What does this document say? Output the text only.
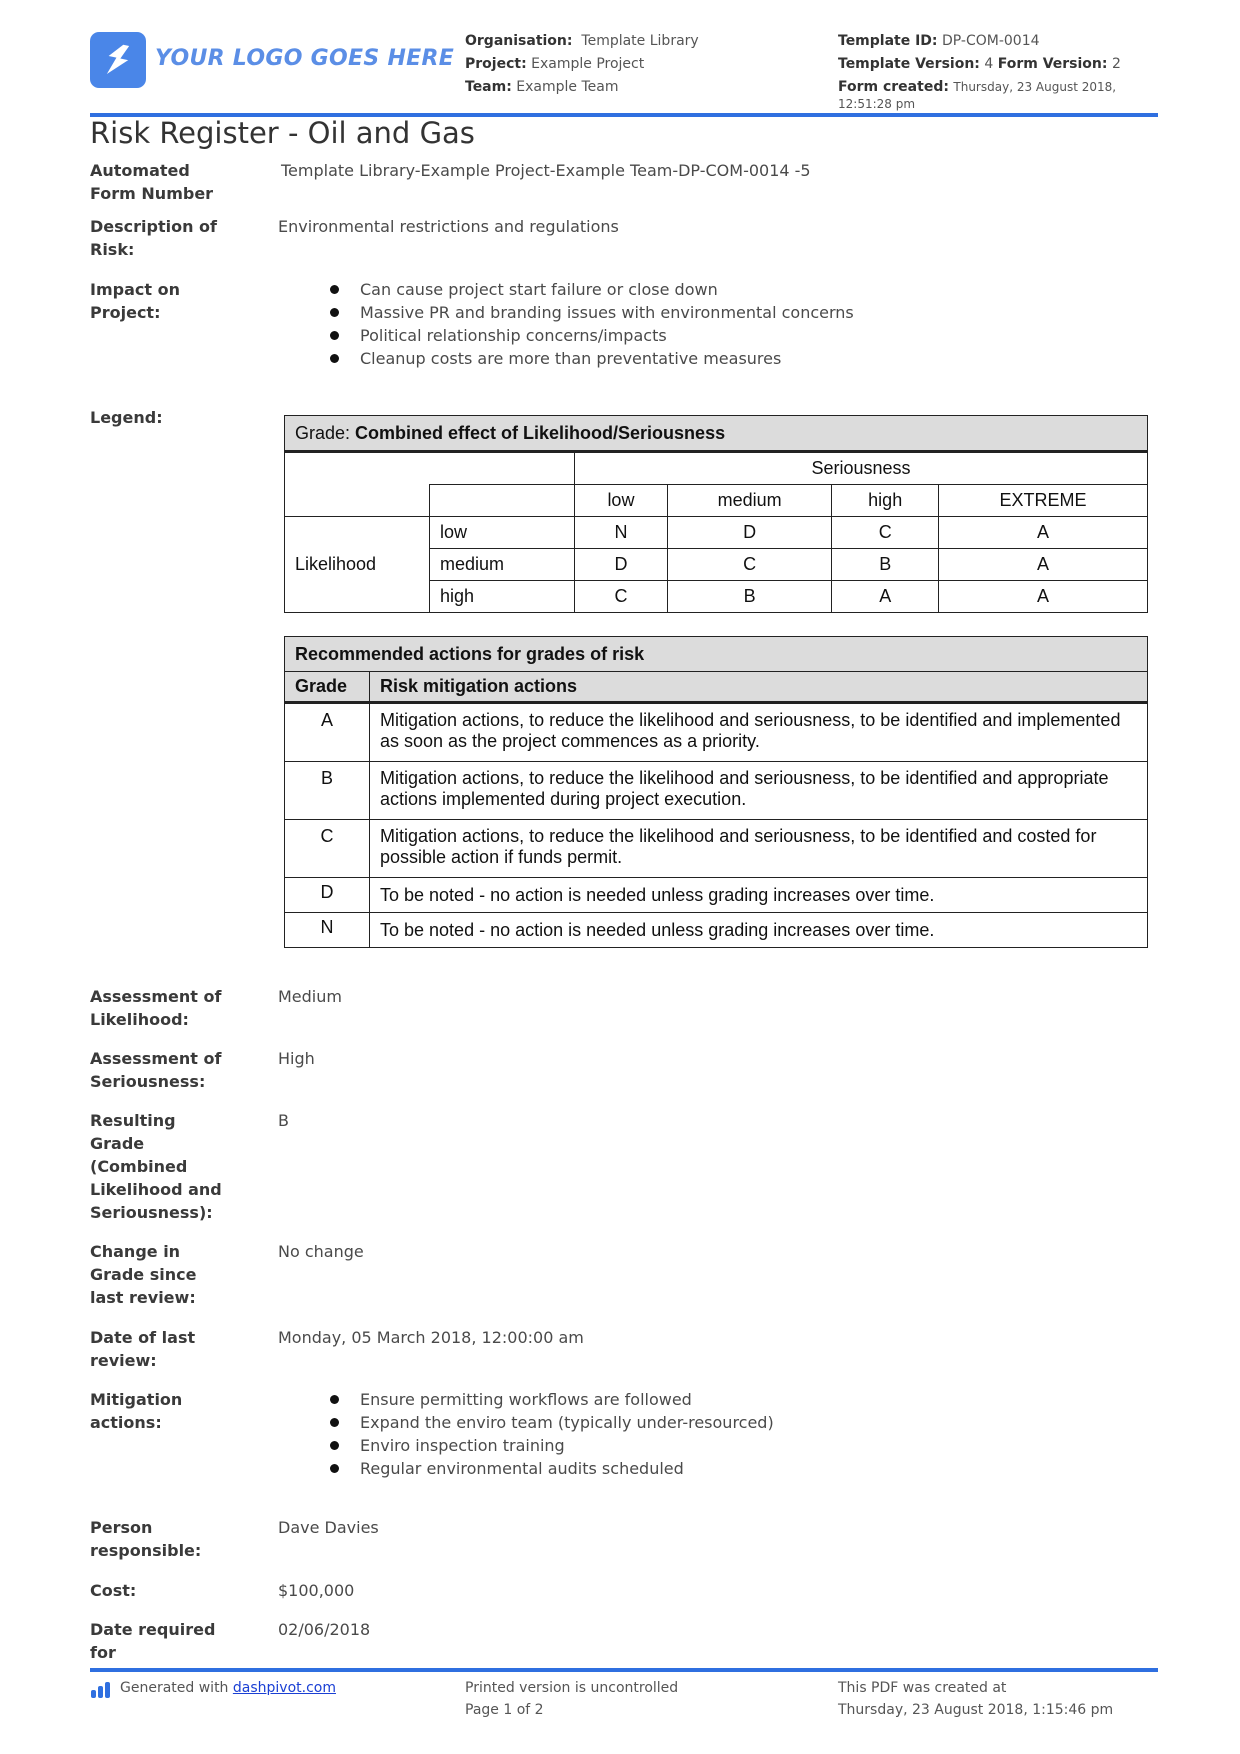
YOUR LOGO GOES HERE
Organisation: Template Library
Project: Example Project
Team: Example Team
Template ID: DP-COM-0014
Template Version: 4 Form Version: 2
Form created: Thursday, 23 August 2018, 12:51:28 pm
Risk Register - Oil and Gas
Automated Form Number
Template Library-Example Project-Example Team-DP-COM-0014 -5
Description of Risk:
Environmental restrictions and regulations
Impact on Project:
Can cause project start failure or close down
Massive PR and branding issues with environmental concerns
Political relationship concerns/impacts
Cleanup costs are more than preventative measures
Legend:
Grade: Combined effect of Likelihood/Seriousness					
		Seriousness			
		low	medium	high	EXTREME
Likelihood	low	N	D	C	A
	medium	D	C	B	A
	high	C	B	A	A
Recommended actions for grades of risk	
Grade	Risk mitigation actions
A	Mitigation actions, to reduce the likelihood and seriousness, to be identified and implemented as soon as the project commences as a priority.
B	Mitigation actions, to reduce the likelihood and seriousness, to be identified and appropriate actions implemented during project execution.
C	Mitigation actions, to reduce the likelihood and seriousness, to be identified and costed for possible action if funds permit.
D	To be noted - no action is needed unless grading increases over time.
N	To be noted - no action is needed unless grading increases over time.
Assessment of Likelihood:
Medium
Assessment of Seriousness:
High
Resulting Grade (Combined Likelihood and Seriousness):
B
Change in Grade since last review:
No change
Date of last review:
Monday, 05 March 2018, 12:00:00 am
Mitigation actions:
Ensure permitting workflows are followed
Expand the enviro team (typically under-resourced)
Enviro inspection training
Regular environmental audits scheduled
Person responsible:
Dave Davies
Cost:	$100,000
Date required for
02/06/2018
Generated with dashpivot.com	Printed version is uncontrolled
Page 1 of 2
This PDF was created at
Thursday, 23 August 2018, 1:15:46 pm
